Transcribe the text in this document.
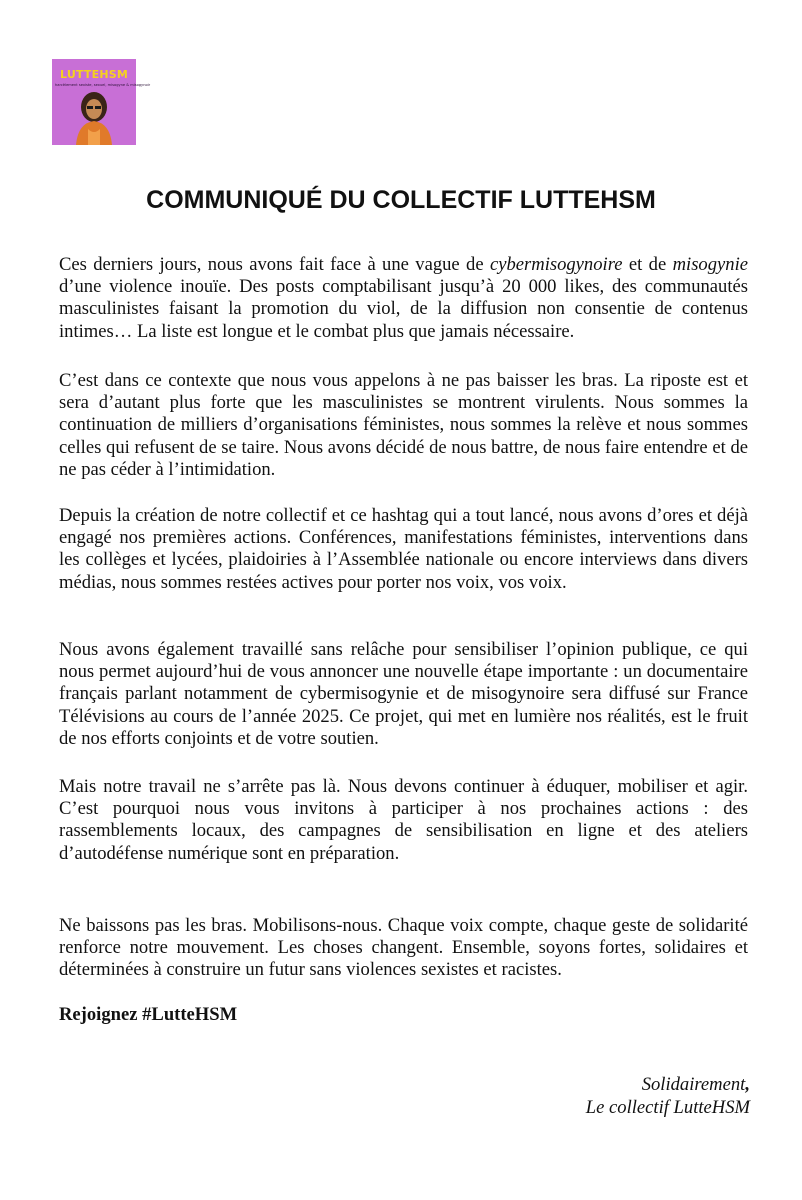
LUTTEHSM
harcèlement sexiste, sexuel, misogyne & misogynoir
COMMUNIQUÉ DU COLLECTIF LUTTEHSM

Ces derniers jours, nous avons fait face à une vague de cybermisogynoire et de misogynie d’une violence inouïe. Des posts comptabilisant jusqu’à 20 000 likes, des communautés masculinistes faisant la promotion du viol, de la diffusion non consentie de contenus intimes… La liste est longue et le combat plus que jamais nécessaire.

C’est dans ce contexte que nous vous appelons à ne pas baisser les bras. La riposte est et sera d’autant plus forte que les masculinistes se montrent virulents. Nous sommes la continuation de milliers d’organisations féministes, nous sommes la relève et nous sommes celles qui refusent de se taire. Nous avons décidé de nous battre, de nous faire entendre et de ne pas céder à l’intimidation.

Depuis la création de notre collectif et ce hashtag qui a tout lancé, nous avons d’ores et déjà engagé nos premières actions. Conférences, manifestations féministes, interventions dans les collèges et lycées, plaidoiries à l’Assemblée nationale ou encore interviews dans divers médias, nous sommes restées actives pour porter nos voix, vos voix.

Nous avons également travaillé sans relâche pour sensibiliser l’opinion publique, ce qui nous permet aujourd’hui de vous annoncer une nouvelle étape importante : un documentaire français parlant notamment de cybermisogynie et de misogynoire sera diffusé sur France Télévisions au cours de l’année 2025. Ce projet, qui met en lumière nos réalités, est le fruit de nos efforts conjoints et de votre soutien.

Mais notre travail ne s’arrête pas là. Nous devons continuer à éduquer, mobiliser et agir. C’est pourquoi nous vous invitons à participer à nos prochaines actions : des rassemblements locaux, des campagnes de sensibilisation en ligne et des ateliers d’autodéfense numérique sont en préparation.

Ne baissons pas les bras. Mobilisons-nous. Chaque voix compte, chaque geste de solidarité renforce notre mouvement. Les choses changent. Ensemble, soyons fortes, solidaires et déterminées à construire un futur sans violences sexistes et racistes.

Rejoignez #LutteHSM

Solidairement,
Le collectif LutteHSM
